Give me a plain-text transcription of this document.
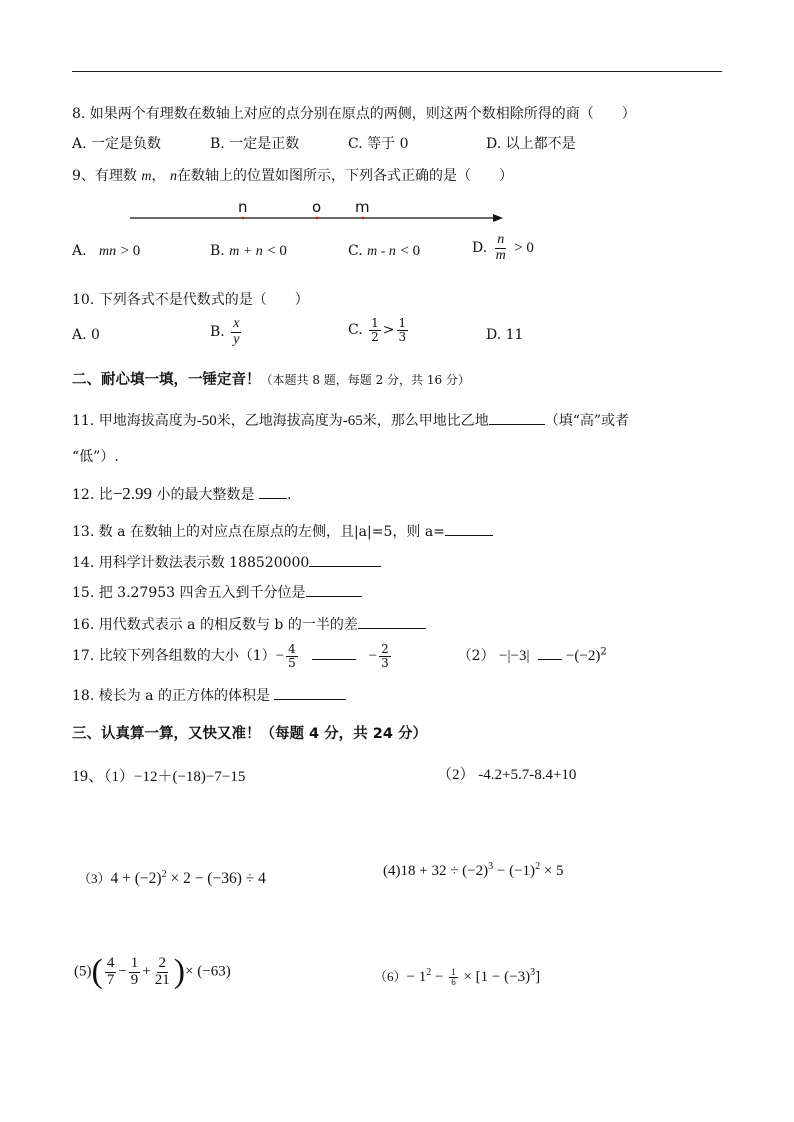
8. 如果两个有理数在数轴上对应的点分别在原点的两侧，则这两个数相除所得的商（　　）
A. 一定是负数	B. 一定是正数	C. 等于 0	D. 以上都不是
9、有理数 m， n在数轴上的位置如图所示，下列各式正确的是（　　）
n	o m
A. mn > 0	B. m + n < 0	C. m - n < 0	D. $\frac{n}{m} > 0$
10. 下列各式不是代数式的是（　　）
A. 0	B. $\frac{x}{y}$	C. $\frac{1}{2} > \frac{1}{3}$	D. 11
二、耐心填一填，一锤定音！（本题共 8 题，每题 2 分，共 16 分）
11. 甲地海拔高度为-50米，乙地海拔高度为-65米，那么甲地比乙地	（填“高”或者
“低”）.
12. 比−2.99 小的最大整数是 .
13. 数 a 在数轴上的对应点在原点的左侧，且|a|=5，则 a=
14. 用科学计数法表示数 188520000
15. 把 3.27953 四舍五入到千分位是
16. 用代数式表示 a 的相反数与 b 的一半的差
17. 比较下列各组数的大小$(1)- \frac{4}{5}$	− $\frac{2}{3}$	$(2) -|-3| -(-2)^2$
18. 棱长为 a 的正方体的体积是
三、认真算一算，又快又准！（每题 4 分，共 24 分）
19、（1）−12＋(−18)−7−15	（2） -4.2+5.7-8.4+10
$(3)4 + (-2)^2 \times 2 - (-36) \div 4$	$(4)18 + 32 \div (-2)^3 - (-1)^2 \times 5$
$(5)( \frac{4}{7} - \frac{1}{9} + \frac{2}{21}$ )× (−63)	$(6)- 1^2 - \frac{1}{6} \times [1 - (-3)^3]$
